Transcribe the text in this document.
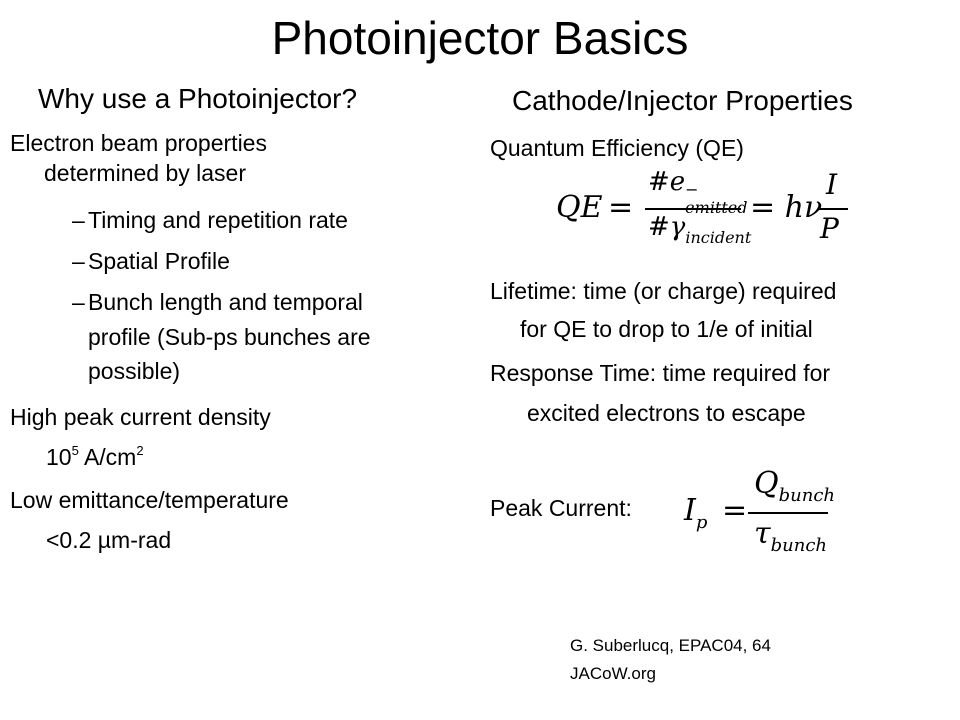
Photoinjector Basics
Why use a Photoinjector?
Electron beam properties
determined by laser
– Timing and repetition rate
– Spatial Profile
– Bunch length and temporal
profile (Sub-ps bunches are
possible)
High peak current density
$10^5$ $A/cm^2$
Low emittance/temperature
<0.2 µm-rad
Cathode/Injector Properties
Quantum Efficiency (QE)
QE =
#e −
emitted
$\#\gamma_{incident}$
= hν
I
P
Lifetime: time (or charge) required
for QE to drop to 1/e of initial
Response Time: time required for
excited electrons to escape
Peak Current: $I_p$ =
$Q_{bunch}$
$\tau_{bunch}$
G. Suberlucq, EPAC04, 64
JACoW.org
